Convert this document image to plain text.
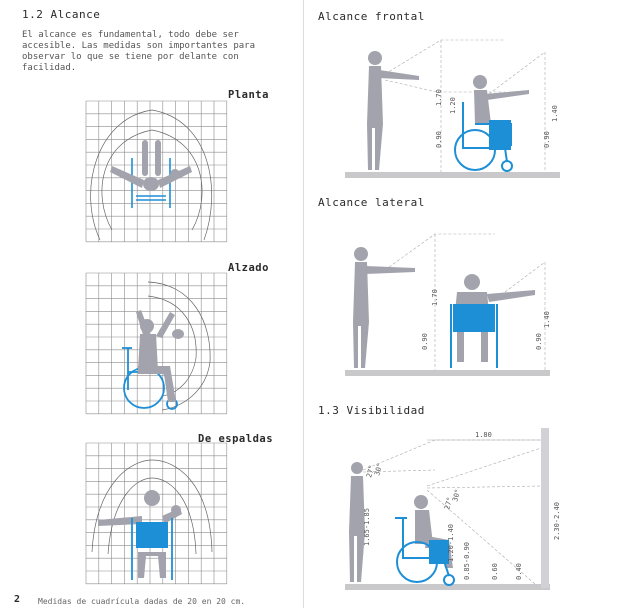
1.2 Alcance
El alcance es fundamental, todo debe ser
accesible. Las medidas son importantes para
observar lo que se tiene por delante con
facilidad.
Planta
Alzado
De espaldas
Medidas de cuadrícula dadas de 20 en 20 cm.
2
Alcance frontal
Alcance lateral
1.3 Visibilidad
1.70 1.20
0.90	0.90
1.40
1.70
0.90	0.90
1.40
1.80
27°
30°
27°
30°
1.65-1.85	1.20-1.40 0.85-0.90	0.60 0.40
2.30-2.40
